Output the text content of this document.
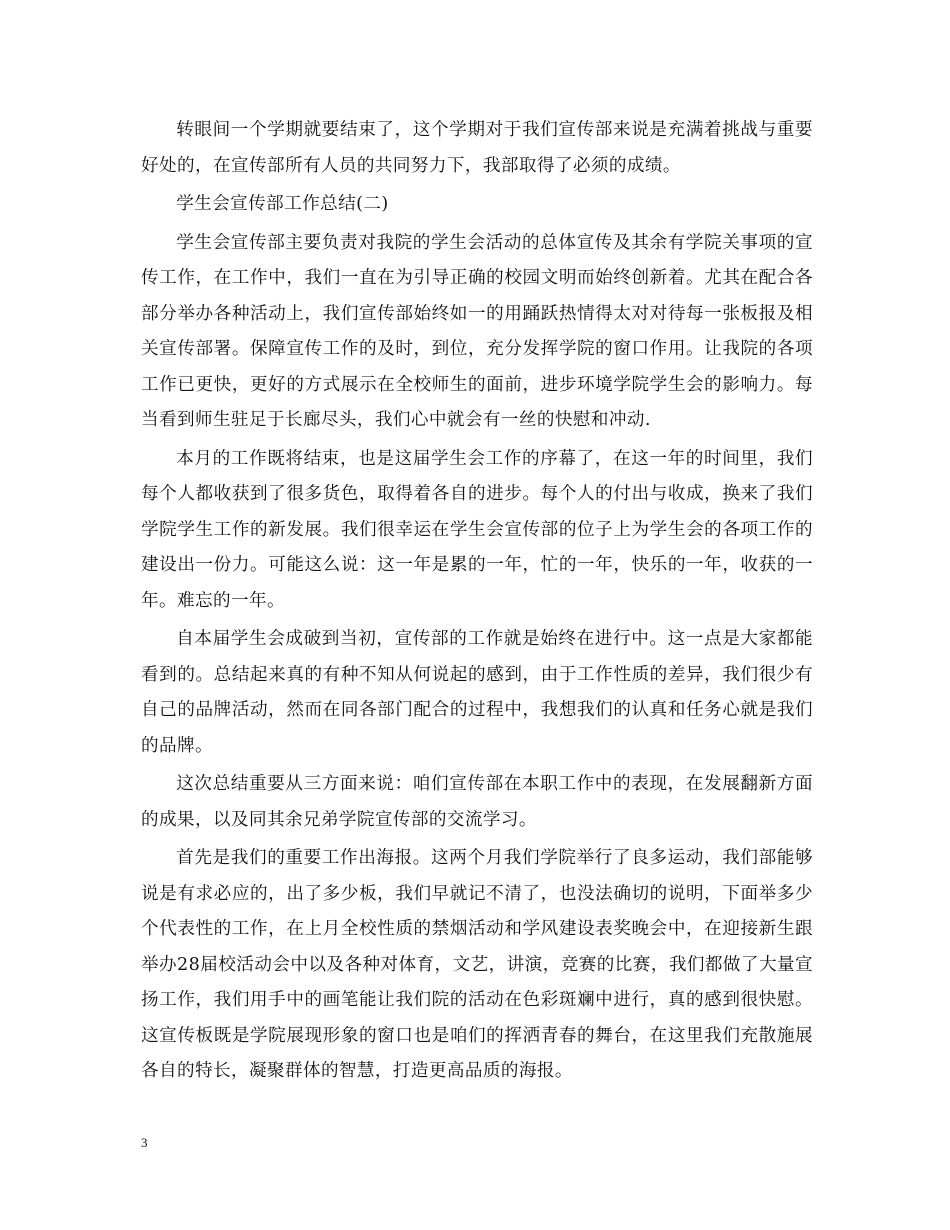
转眼间一个学期就要结束了，这个学期对于我们宣传部来说是充满着挑战与重要好处的，在宣传部所有人员的共同努力下，我部取得了必须的成绩。

学生会宣传部工作总结(二)

学生会宣传部主要负责对我院的学生会活动的总体宣传及其余有学院关事项的宣传工作，在工作中，我们一直在为引导正确的校园文明而始终创新着。尤其在配合各部分举办各种活动上，我们宣传部始终如一的用踊跃热情得太对对待每一张板报及相关宣传部署。保障宣传工作的及时，到位，充分发挥学院的窗口作用。让我院的各项工作已更快，更好的方式展示在全校师生的面前，进步环境学院学生会的影响力。每当看到师生驻足于长廊尽头，我们心中就会有一丝的快慰和冲动.

本月的工作既将结束，也是这届学生会工作的序幕了，在这一年的时间里，我们每个人都收获到了很多货色，取得着各自的进步。每个人的付出与收成，换来了我们学院学生工作的新发展。我们很幸运在学生会宣传部的位子上为学生会的各项工作的建设出一份力。可能这么说：这一年是累的一年，忙的一年，快乐的一年，收获的一年。难忘的一年。

自本届学生会成破到当初，宣传部的工作就是始终在进行中。这一点是大家都能看到的。总结起来真的有种不知从何说起的感到，由于工作性质的差异，我们很少有自己的品牌活动，然而在同各部门配合的过程中，我想我们的认真和任务心就是我们的品牌。

这次总结重要从三方面来说：咱们宣传部在本职工作中的表现，在发展翻新方面的成果，以及同其余兄弟学院宣传部的交流学习。

首先是我们的重要工作出海报。这两个月我们学院举行了良多运动，我们部能够说是有求必应的，出了多少板，我们早就记不清了，也没法确切的说明，下面举多少个代表性的工作，在上月全校性质的禁烟活动和学风建设表奖晚会中，在迎接新生跟举办28届校活动会中以及各种对体育，文艺，讲演，竞赛的比赛，我们都做了大量宣扬工作，我们用手中的画笔能让我们院的活动在色彩斑斓中进行，真的感到很快慰。这宣传板既是学院展现形象的窗口也是咱们的挥洒青春的舞台，在这里我们充散施展各自的特长，凝聚群体的智慧，打造更高品质的海报。

3
